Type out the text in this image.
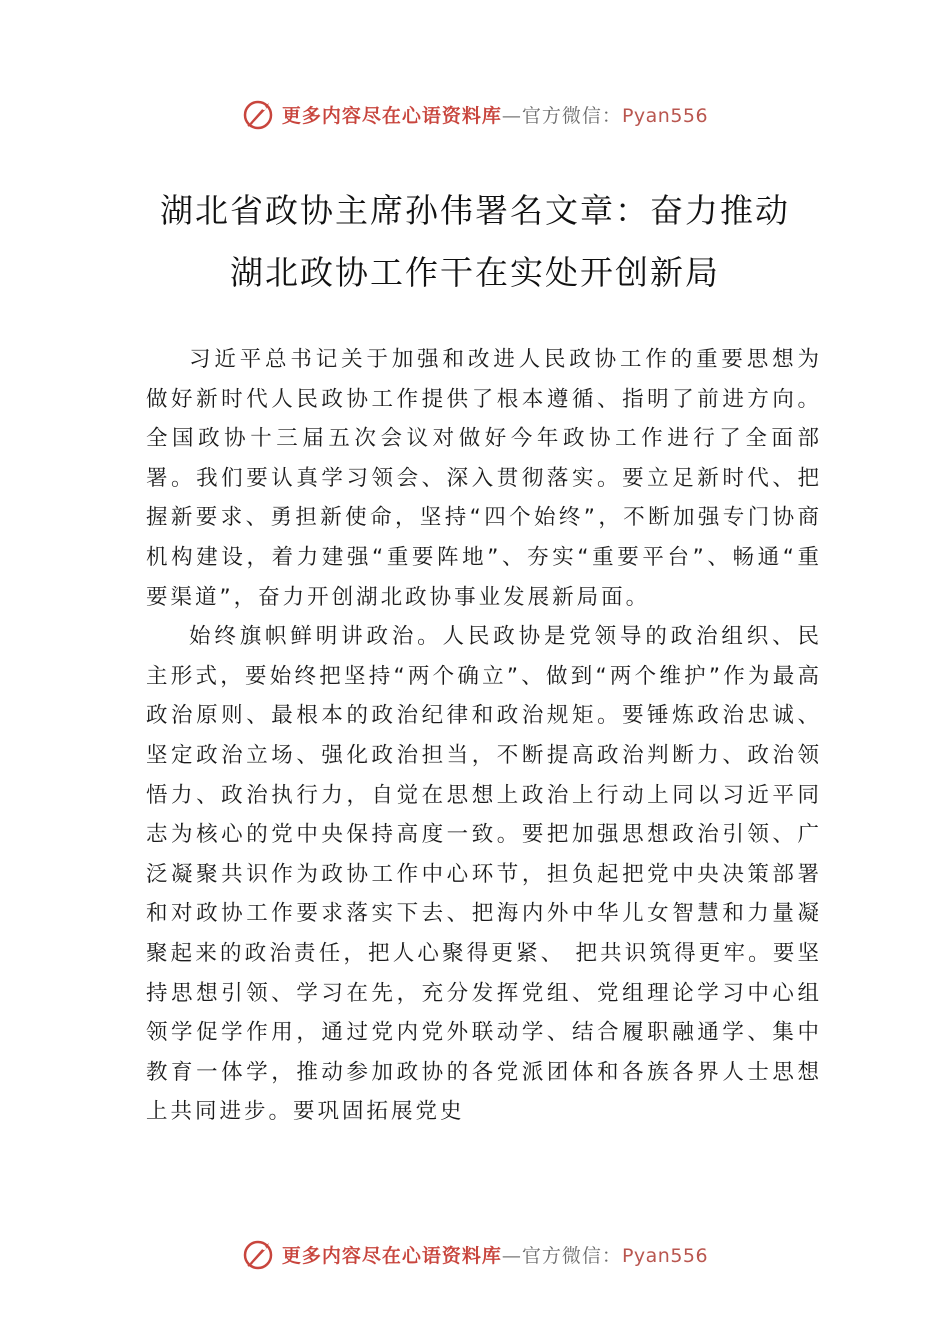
更多内容尽在心语资料库—官方微信：Pyan556
湖北省政协主席孙伟署名文章：奋力推动
湖北政协工作干在实处开创新局

习近平总书记关于加强和改进人民政协工作的重要思想为做好新时代人民政协工作提供了根本遵循、指明了前进方向。全国政协十三届五次会议对做好今年政协工作进行了全面部署。我们要认真学习领会、深入贯彻落实。要立足新时代、把握新要求、勇担新使命，坚持“四个始终”，不断加强专门协商机构建设，着力建强“重要阵地”、夯实“重要平台”、畅通“重要渠道”，奋力开创湖北政协事业发展新局面。

始终旗帜鲜明讲政治。人民政协是党领导的政治组织、民主形式，要始终把坚持“两个确立”、做到“两个维护”作为最高政治原则、最根本的政治纪律和政治规矩。要锤炼政治忠诚、坚定政治立场、强化政治担当，不断提高政治判断力、政治领悟力、政治执行力，自觉在思想上政治上行动上同以习近平同志为核心的党中央保持高度一致。要把加强思想政治引领、广泛凝聚共识作为政协工作中心环节，担负起把党中央决策部署和对政协工作要求落实下去、把海内外中华儿女智慧和力量凝聚起来的政治责任，把人心聚得更紧、 把共识筑得更牢。要坚持思想引领、学习在先，充分发挥党组、党组理论学习中心组领学促学作用，通过党内党外联动学、结合履职融通学、集中教育一体学，推动参加政协的各党派团体和各族各界人士思想上共同进步。要巩固拓展党史

更多内容尽在心语资料库—官方微信：Pyan556
